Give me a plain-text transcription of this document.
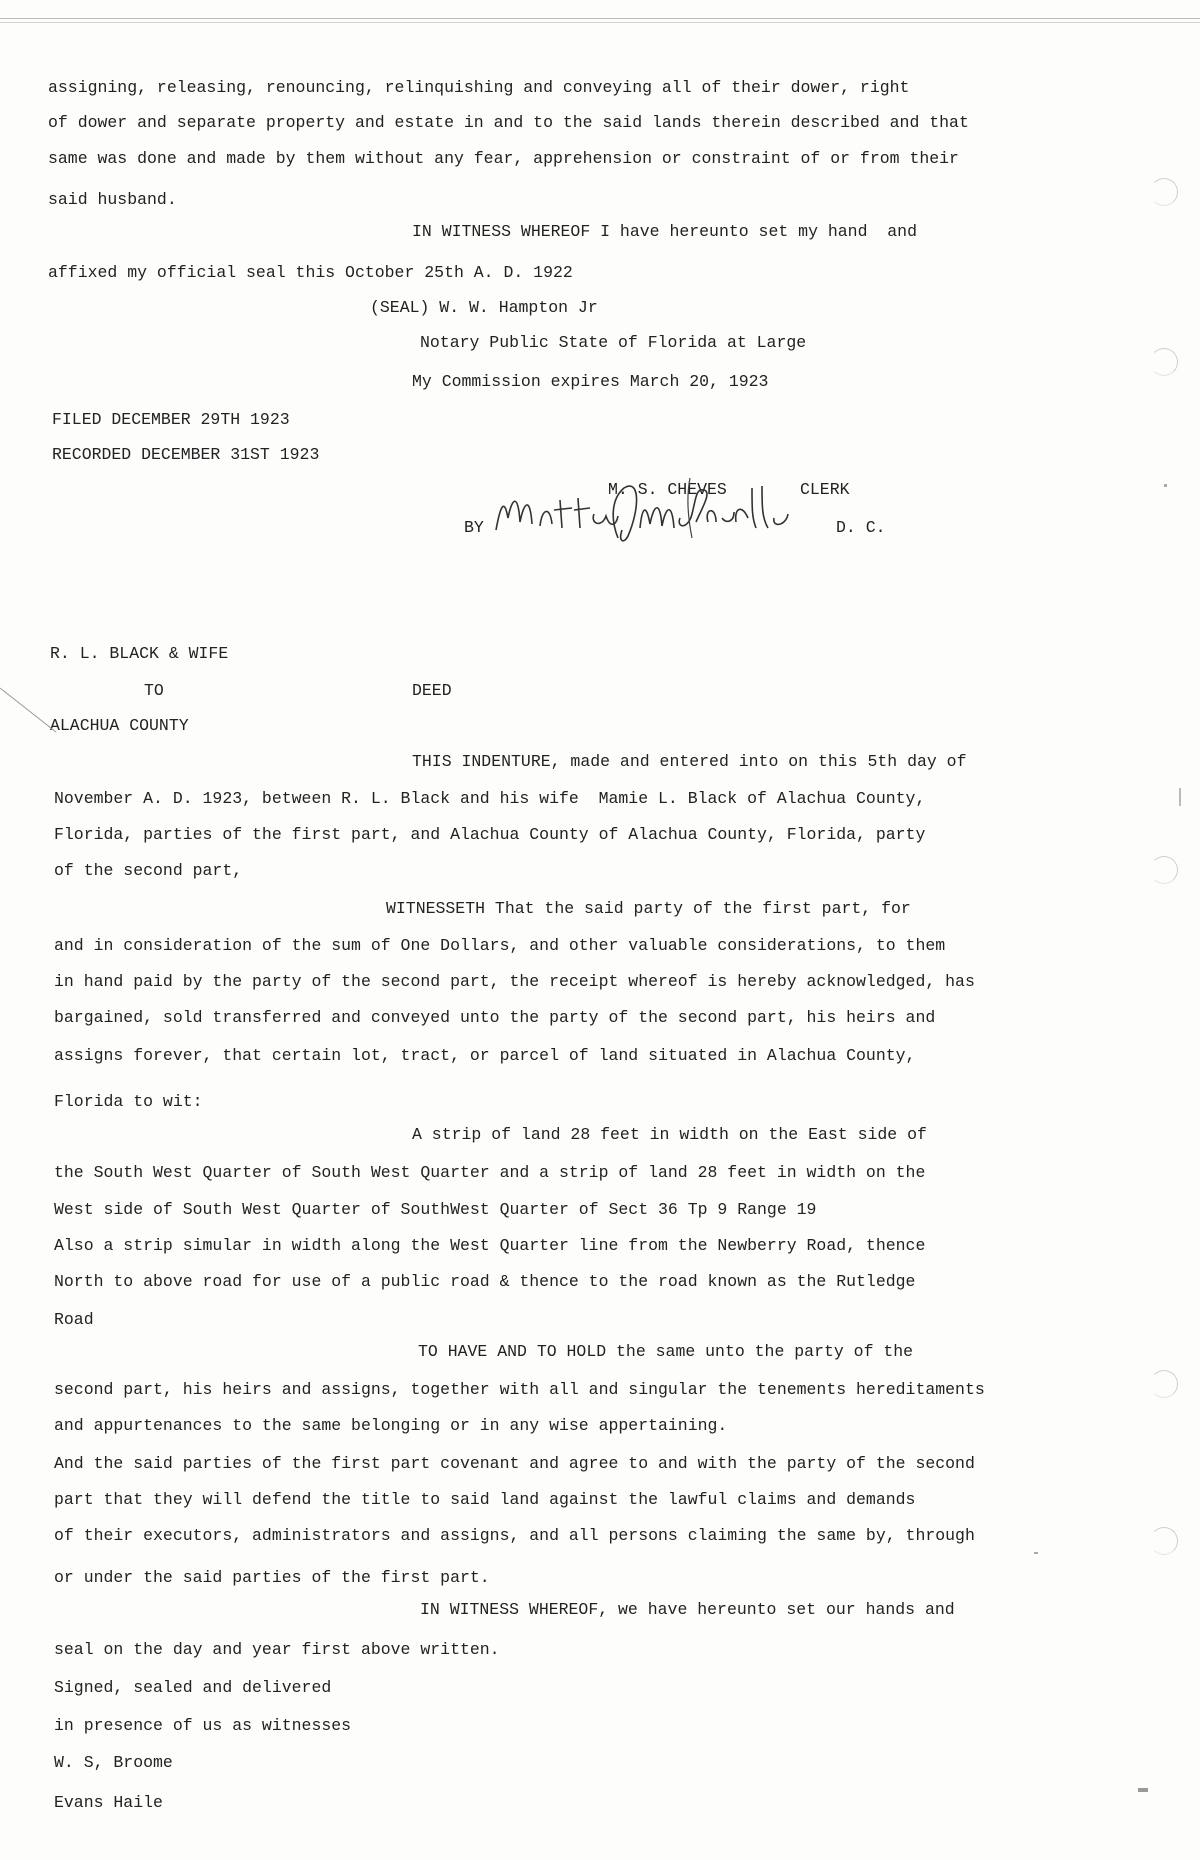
assigning, releasing, renouncing, relinquishing and conveying all of their dower, right

of dower and separate property and estate in and to the said lands therein described and that

same was done and made by them without any fear, apprehension or constraint of or from their

said husband.

IN WITNESS WHEREOF I have hereunto set my hand  and

affixed my official seal this October 25th A. D. 1922

(SEAL) W. W. Hampton Jr

Notary Public State of Florida at Large

My Commission expires March 20, 1923

FILED DECEMBER 29TH 1923

RECORDED DECEMBER 31ST 1923

M. S. CHEVES	CLERK

BY	D. C.

R. L. BLACK & WIFE

TO	DEED

ALACHUA COUNTY

THIS INDENTURE, made and entered into on this 5th day of

November A. D. 1923, between R. L. Black and his wife  Mamie L. Black of Alachua County,

Florida, parties of the first part, and Alachua County of Alachua County, Florida, party

of the second part,

WITNESSETH That the said party of the first part, for

and in consideration of the sum of One Dollars, and other valuable considerations, to them

in hand paid by the party of the second part, the receipt whereof is hereby acknowledged, has

bargained, sold transferred and conveyed unto the party of the second part, his heirs and

assigns forever, that certain lot, tract, or parcel of land situated in Alachua County,

Florida to wit:

A strip of land 28 feet in width on the East side of

the South West Quarter of South West Quarter and a strip of land 28 feet in width on the

West side of South West Quarter of SouthWest Quarter of Sect 36 Tp 9 Range 19

Also a strip simular in width along the West Quarter line from the Newberry Road, thence

North to above road for use of a public road & thence to the road known as the Rutledge

Road

TO HAVE AND TO HOLD the same unto the party of the

second part, his heirs and assigns, together with all and singular the tenements hereditaments

and appurtenances to the same belonging or in any wise appertaining.

And the said parties of the first part covenant and agree to and with the party of the second

part that they will defend the title to said land against the lawful claims and demands

of their executors, administrators and assigns, and all persons claiming the same by, through

or under the said parties of the first part.

IN WITNESS WHEREOF, we have hereunto set our hands and

seal on the day and year first above written.

Signed, sealed and delivered

in presence of us as witnesses

W. S, Broome

Evans Haile
